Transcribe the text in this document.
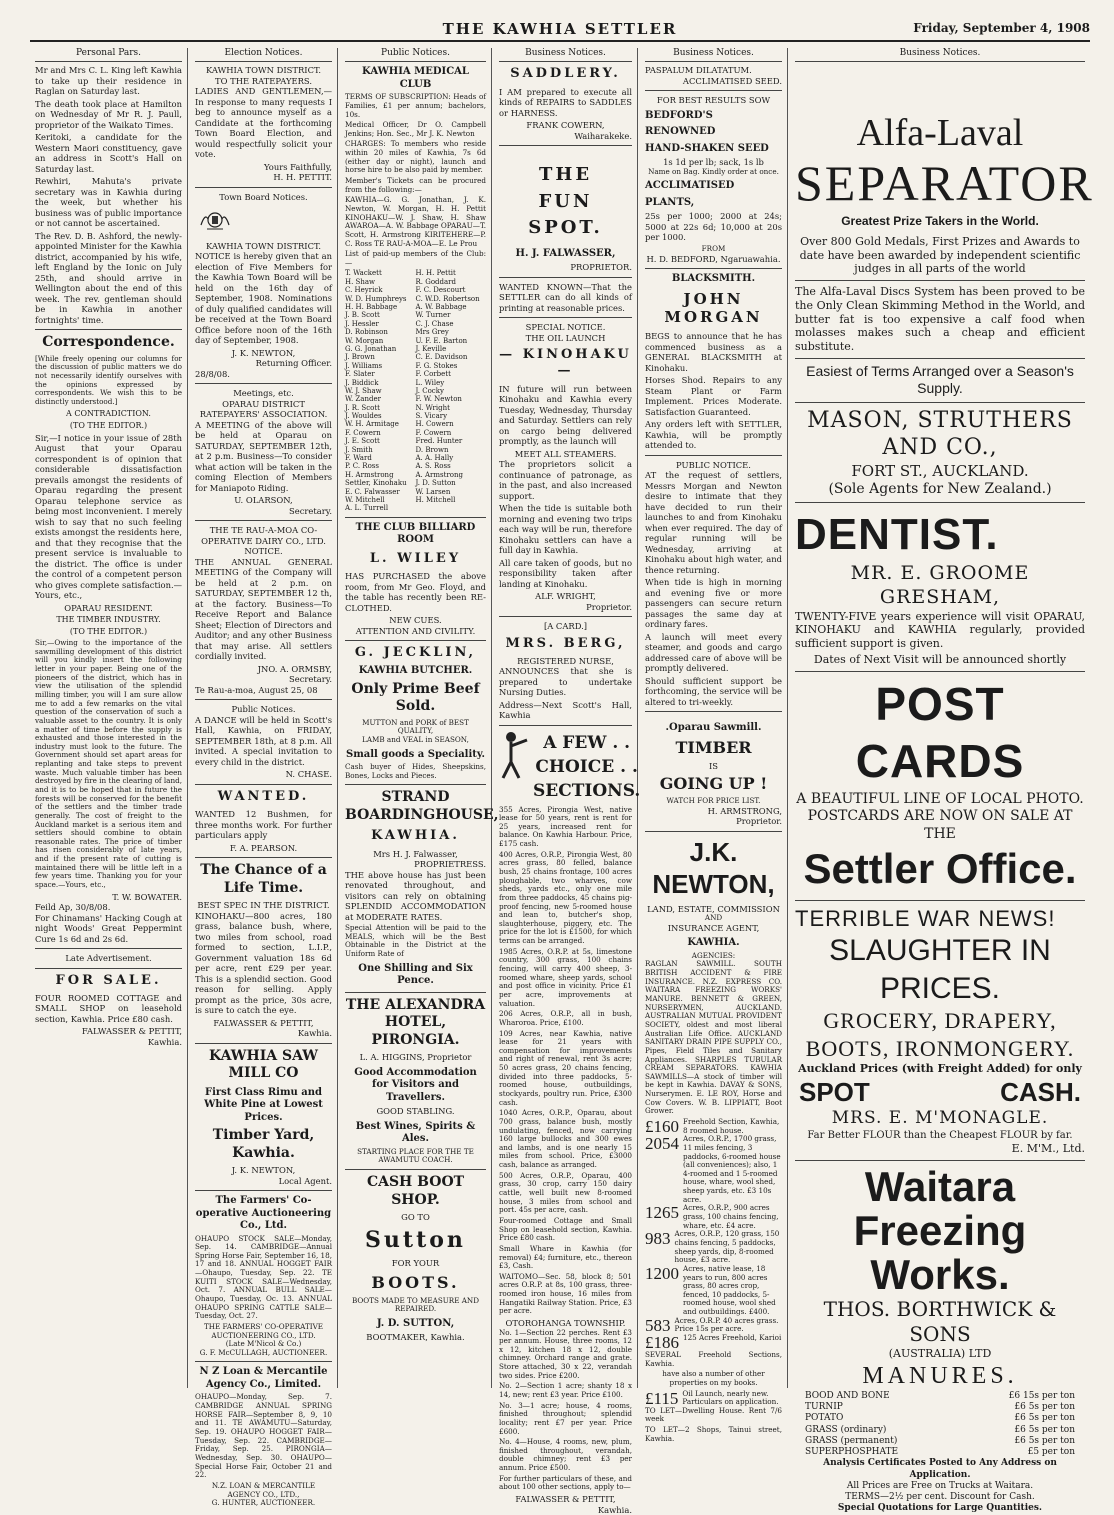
THE KAWHIA SETTLER	Friday, September 4, 1908
Personal Pars.

Mr and Mrs C. L. King left Kawhia to take up their residence in Raglan on Saturday last.

The death took place at Hamilton on Wednesday of Mr R. J. Paull, proprietor of the Waikato Times.

Keritoki, a candidate for the Western Maori constituency, gave an address in Scott's Hall on Saturday last.

Rewhiri, Mahuta's private secretary was in Kawhia during the week, but whether his business was of public importance or not cannot be ascertained.

The Rev. D. B. Ashford, the newly-appointed Minister for the Kawhia district, accompanied by his wife, left England by the Ionic on July 25th, and should arrive in Wellington about the end of this week. The rev. gentleman should be in Kawhia in another fortnights' time.

Correspondence.

[While freely opening our columns for the discussion of public matters we do not necessarily identify ourselves with the opinions expressed by correspondents. We wish this to be distinctly understood.]

A CONTRADICTION.
(TO THE EDITOR.)

Sir,—I notice in your issue of 28th August that your Oparau correspondent is of opinion that considerable dissatisfaction prevails amongst the residents of Oparau regarding the present Oparau telephone service as being most inconvenient. I merely wish to say that no such feeling exists amongst the residents here, and that they recognise that the present service is invaluable to the district. The office is under the control of a competent person who gives complete satisfaction.—Yours, etc.,

OPARAU RESIDENT.
THE TIMBER INDUSTRY.
(TO THE EDITOR.)

Sir,—Owing to the importance of the sawmilling development of this district will you kindly insert the following letter in your paper. Being one of the pioneers of the district, which has in view the utilisation of the splendid milling timber, you will I am sure allow me to add a few remarks on the vital question of the conservation of such a valuable asset to the country. It is only a matter of time before the supply is exhausted and those interested in the industry must look to the future. The Government should set apart areas for replanting and take steps to prevent waste. Much valuable timber has been destroyed by fire in the clearing of land, and it is to be hoped that in future the forests will be conserved for the benefit of the settlers and the timber trade generally. The cost of freight to the Auckland market is a serious item and settlers should combine to obtain reasonable rates. The price of timber has risen considerably of late years, and if the present rate of cutting is maintained there will be little left in a few years time. Thanking you for your space.—Yours, etc.,

T. W. BOWATER.
Feild Ap, 30/8/08.

For Chinamans' Hacking Cough at night Woods' Great Peppermint Cure 1s 6d and 2s 6d.

Late Advertisement.
FOR SALE.

FOUR ROOMED COTTAGE and SMALL SHOP on leasehold section, Kawhia. Price £80 cash.

FALWASSER & PETTIT,
Kawhia.
Election Notices.
KAWHIA TOWN DISTRICT.
TO THE RATEPAYERS.

LADIES AND GENTLEMEN,—In response to many requests I beg to announce myself as a Candidate at the forthcoming Town Board Election, and would respectfully solicit your vote.

Yours Faithfully,
H. H. PETTIT.
Town Board Notices.
KAWHIA TOWN DISTRICT.

NOTICE is hereby given that an election of Five Members for the Kawhia Town Board will be held on the 16th day of September, 1908. Nominations of duly qualified candidates will be received at the Town Board Office before noon of the 16th day of September, 1908.

J. K. NEWTON,
Returning Officer.
28/8/08.
Meetings, etc.
OPARAU DISTRICT RATEPAYERS' ASSOCIATION.

A MEETING of the above will be held at Oparau on SATURDAY, SEPTEMBER 12th, at 2 p.m. Business—To consider what action will be taken in the coming Election of Members for Maniapoto Riding.

U. OLARSON,
Secretary.
THE TE RAU-A-MOA CO-OPERATIVE DAIRY CO., LTD.
NOTICE.

THE ANNUAL GENERAL MEETING of the Company will be held at 2 p.m. on SATURDAY, SEPTEMBER 12 th, at the factory. Business—To Receive Report and Balance Sheet; Election of Directors and Auditor; and any other Business that may arise. All settlers cordially invited.

JNO. A. ORMSBY,
Secretary.
Te Rau-a-moa, August 25, 08
Public Notices.

A DANCE will be held in Scott's Hall, Kawhia, on FRIDAY, SEPTEMBER 18th, at 8 p.m. All invited. A special invitation to every child in the district.

N. CHASE.
WANTED.

WANTED 12 Bushmen, for three months work. For further particulars apply

F. A. PEARSON.
The Chance of a Life Time.
BEST SPEC IN THE DISTRICT.

KINOHAKU—800 acres, 180 grass, balance bush, where, two miles from school, road formed to section, L.I.P., Government valuation 18s 6d per acre, rent £29 per year. This is a splendid section. Good reason for selling. Apply prompt as the price, 30s acre, is sure to catch the eye.

FALWASSER & PETTIT,
Kawhia.
KAWHIA SAW MILL CO
First Class Rimu and White Pine at Lowest Prices.
Timber Yard, Kawhia.
J. K. NEWTON,
Local Agent.
The Farmers' Co-operative Auctioneering Co., Ltd.

OHAUPO STOCK SALE—Monday, Sep. 14. CAMBRIDGE—Annual Spring Horse Fair, September 16, 18, 17 and 18. ANNUAL HOGGET FAIR—Ohaupo, Tuesday, Sep. 22. TE KUITI STOCK SALE—Wednesday, Oct. 7. ANNUAL BULL SALE—Ohaupo, Tuesday, Oc. 13. ANNUAL OHAUPO SPRING CATTLE SALE—Tuesday, Oct. 27.

THE FARMERS' CO-OPERATIVE AUCTIONEERING CO., LTD.
(Late M'Nicol & Co.)
G. F. McCULLAGH, AUCTIONEER.
N Z Loan & Mercantile Agency Co., Limited.

OHAUPO—Monday, Sep. 7. CAMBRIDGE ANNUAL SPRING HORSE FAIR—September 8, 9, 10 and 11. TE AWAMUTU—Saturday, Sep. 19. OHAUPO HOGGET FAIR—Tuesday, Sep. 22. CAMBRIDGE—Friday, Sep. 25. PIRONGIA—Wednesday, Sep. 30. OHAUPO—Special Horse Fair, October 21 and 22.

N.Z. LOAN & MERCANTILE AGENCY CO., LTD.,
G. HUNTER, AUCTIONEER.
Public Notices.
KAWHIA MEDICAL CLUB

TERMS OF SUBSCRIPTION: Heads of Families, £1 per annum; bachelors, 10s.

Medical Officer, Dr O. Campbell Jenkins; Hon. Sec., Mr J. K. Newton

CHARGES: To members who reside within 20 miles of Kawhia, 7s 6d (either day or night), launch and horse hire to be also paid by member.

Member's Tickets can be procured from the following:—

KAWHIA—G. G. Jonathan, J. K. Newton, W. Morgan, H. H. Pettit KINOHAKU—W. J. Shaw, H. Shaw AWAROA—A. W. Babbage OPARAU—T. Scott, H. Armstrong KIRITEHERE—P. C. Ross TE RAU-A-MOA—E. Le Prou

List of paid-up members of the Club:—

T. Wackett
H. Shaw
C. Heyrick
W. D. Humphreys
H. H. Babbage
J. B. Scott
J. Hessler
D. Robinson
W. Morgan
G. G. Jonathan
J. Brown
J. Williams
F. Slater
J. Biddick
W. J. Shaw
W. Zander
J. R. Scott
J. Wouldes
W. H. Armitage
F. Cowern
J. E. Scott
J. Smith
F. Ward
P. C. Ross
H. Armstrong
Settler, Kinohaku
E. C. Falwasser
W. Mitchell
A. L. Turrell
H. H. Pettit
R. Goddard
F. C. Descourt
C. W.D. Robertson
A. W. Babbage
W. Turner
C. J. Chase
Mrs Grey
U. F. E. Barton
J. Keville
C. E. Davidson
F. G. Stokes
F. Corbett
L. Wiley
J. Cocky
F. W. Newton
N. Wright
S. Vicary
H. Cowern
F. Cowern
Fred. Hunter
D. Brown
A. A. Hally
A. S. Ross
A. Armstrong
J. D. Sutton
W. Larsen
H. Mitchell
THE CLUB BILLIARD ROOM
L. WILEY

HAS PURCHASED the above room, from Mr Geo. Floyd, and the table has recently been RE-CLOTHED.

NEW CUES.
ATTENTION AND CIVILITY.
G. JECKLIN,
KAWHIA BUTCHER.
Only Prime Beef Sold.
MUTTON and PORK of BEST QUALITY,
LAMB and VEAL in SEASON,
Small goods a Speciality.

Cash buyer of Hides, Sheepskins, Bones, Locks and Pieces.

STRAND BOARDINGHOUSE,
KAWHIA.
Mrs H. J. Falwasser,
PROPRIETRESS.

THE above house has just been renovated throughout, and visitors can rely on obtaining SPLENDID ACCOMMODATION at MODERATE RATES.

Special Attention will be paid to the MEALS, which will be the Best Obtainable in the District at the Uniform Rate of

One Shilling and Six Pence.
THE ALEXANDRA HOTEL, PIRONGIA.
L. A. HIGGINS, Proprietor
Good Accommodation for Visitors and Travellers.
GOOD STABLING.
Best Wines, Spirits & Ales.
STARTING PLACE FOR THE TE AWAMUTU COACH.
CASH BOOT SHOP.
GO TO
Sutton
FOR YOUR
BOOTS.
BOOTS MADE TO MEASURE AND REPAIRED.
J. D. SUTTON,
BOOTMAKER, Kawhia.
Business Notices.
SADDLERY.

I AM prepared to execute all kinds of REPAIRS to SADDLES or HARNESS.

FRANK COWERN,
Waiharakeke.
THE
FUN
SPOT.
H. J. FALWASSER,
PROPRIETOR.

WANTED KNOWN—That the SETTLER can do all kinds of printing at reasonable prices.

SPECIAL NOTICE.
THE OIL LAUNCH
— KINOHAKU —

IN future will run between Kinohaku and Kawhia every Tuesday, Wednesday, Thursday and Saturday. Settlers can rely on cargo being delivered promptly, as the launch will

MEET ALL STEAMERS.

The proprietors solicit a continuance of patronage, as in the past, and also increased support.

When the tide is suitable both morning and evening two trips each way will be run, therefore Kinohaku settlers can have a full day in Kawhia.

All care taken of goods, but no responsibility taken after landing at Kinohaku.

ALF. WRIGHT,
Proprietor.
[A CARD.]
MRS. BERG,
REGISTERED NURSE,

ANNOUNCES that she is prepared to undertake Nursing Duties.

Address—Next Scott's Hall, Kawhia

A FEW . .
CHOICE . .
SECTIONS.

355 Acres, Pirongia West, native lease for 50 years, rent is rent for 25 years, increased rent for balance. On Kawhia Harbour. Price, £175 cash.

400 Acres, O.R.P., Pirongia West, 80 acres grass, 80 felled, balance bush, 25 chains frontage, 100 acres ploughable, two wharves, cow sheds, yards etc., only one mile from three paddocks, 45 chains pig-proof fencing, new 5-roomed house and lean to, butcher's shop, slaughterhouse, piggery, etc. The price for the lot is £1500, for which terms can be arranged.

1985 Acres, O.R.P. at 5s, limestone country, 300 grass, 100 chains fencing, will carry 400 sheep, 3-roomed whare, sheep yards, school and post office in vicinity. Price £1 per acre, improvements at valuation.

206 Acres, O.R.P., all in bush, Wharoroa. Price, £100.

109 Acres, near Kawhia, native lease for 21 years with compensation for improvements and right of renewal, rent 3s acre; 50 acres grass, 20 chains fencing, divided into three paddocks, 5-roomed house, outbuildings, stockyards, poultry run. Price, £300 cash.

1040 Acres, O.R.P., Oparau, about 700 grass, balance bush, mostly undulating, fenced, now carrying 160 large bullocks and 300 ewes and lambs, and is one nearly 15 miles from school. Price, £3000 cash, balance as arranged.

500 Acres, O.R.P., Oparau, 400 grass, 30 crop, carry 150 dairy cattle, well built new 8-roomed house, 3 miles from school and port. 45s per acre, cash.

Four-roomed Cottage and Small Shop on leasehold section, Kawhia. Price £80 cash.

Small Whare in Kawhia (for removal) £4; furniture, etc., thereon £3, Cash.

WAITOMO—Sec. 58, block 8; 501 acres O.R.P. at 8s, 100 grass, three-roomed iron house, 16 miles from Hangatiki Railway Station. Price, £3 per acre.

OTOROHANGA TOWNSHIP.

No. 1—Section 22 perches. Rent £3 per annum. House, three rooms, 12 x 12, kitchen 18 x 12, double chimney. Orchard range and grate. Store attached, 30 x 22, verandah two sides. Price £200.

No. 2—Section 1 acre; shanty 18 x 14, new; rent £3 year. Price £100.

No. 3—1 acre; house, 4 rooms, finished throughout; splendid locality; rent £7 per year. Price £600.

No. 4—House, 4 rooms, new, plum, finished throughout, verandah, double chimney; rent £3 per annum. Price £500.

For further particulars of these, and about 100 other sections, apply to—

FALWASSER & PETTIT,
Kawhia.
Business Notices.
PASPALUM DILATATUM.
ACCLIMATISED SEED.
FOR BEST RESULTS SOW
BEDFORD'S
RENOWNED
HAND-SHAKEN SEED
1s 1d per lb; sack, 1s lb
Name on Bag. Kindly order at once.
ACCLIMATISED
PLANTS,

25s per 1000; 2000 at 24s; 5000 at 22s 6d; 10,000 at 20s per 1000.

FROM
H. D. BEDFORD, Ngaruawahia.
BLACKSMITH.
JOHN MORGAN

BEGS to announce that he has commenced business as a GENERAL BLACKSMITH at Kinohaku.

Horses Shod. Repairs to any Steam Plant or Farm Implement. Prices Moderate. Satisfaction Guaranteed.

Any orders left with SETTLER, Kawhia, will be promptly attended to.

PUBLIC NOTICE.

AT the request of settlers, Messrs Morgan and Newton desire to intimate that they have decided to run their launches to and from Kinohaku when ever required. The day of regular running will be Wednesday, arriving at Kinohaku about high water, and thence returning.

When tide is high in morning and evening five or more passengers can secure return passages the same day at ordinary fares.

A launch will meet every steamer, and goods and cargo addressed care of above will be promptly delivered.

Should sufficient support be forthcoming, the service will be altered to tri-weekly.

.Oparau Sawmill.
TIMBER
IS
GOING UP !
WATCH FOR PRICE LIST.
H. ARMSTRONG,
Proprietor.
J.K. NEWTON,
LAND, ESTATE, COMMISSION
AND
INSURANCE AGENT,
KAWHIA.
AGENCIES:

RAGLAN SAWMILL. SOUTH BRITISH ACCIDENT & FIRE INSURANCE. N.Z. EXPRESS CO. WAITARA FREEZING WORKS' MANURE. BENNETT & GREEN, NURSERYMEN, AUCKLAND. AUSTRALIAN MUTUAL PROVIDENT SOCIETY, oldest and most liberal Australian Life Office. AUCKLAND SANITARY DRAIN PIPE SUPPLY CO., Pipes, Field Tiles and Sanitary Appliances. SHARPLES TUBULAR CREAM SEPARATORS. KAWHIA SAWMILLS—A stock of timber will be kept in Kawhia. DAVAY & SONS, Nurserymen. E. LE ROY, Horse and Cow Covers. W. B. LIPPIATT, Boot Grower.

£160 Freehold Section, Kawhia, 8 roomed house.
2054 Acres, O.R.P., 1700 grass, 11 miles fencing, 3 paddocks, 6-roomed house (all conveniences); also, 1 4-roomed and 1 5-roomed house, whare, wool shed, sheep yards, etc. £3 10s acre.
1265 Acres, O.R.P., 900 acres grass, 100 chains fencing, whare, etc. £4 acre.
983 Acres, O.R.P., 120 grass, 150 chains fencing, 5 paddocks, sheep yards, dip, 8-roomed house, £3 acre.
1200 Acres, native lease, 18 years to run, 800 acres grass, 80 acres crop, fenced, 10 paddocks, 5-roomed house, wool shed and outbuildings. £400.
583 Acres, O.R.P. 40 acres grass. Price 15s per acre.
£186 125 Acres Freehold, Karioi

SEVERAL Freehold Sections, Kawhia.

have also a number of other properties on my books.

£115 Oil Launch, nearly new. Particulars on application.

TO LET—Dwelling House. Rent 7/6 week

TO LET—2 Shops, Tainui street, Kawhia.

Business Notices.
Alfa-Laval
SEPARATOR
Greatest Prize Takers in the World.

Over 800 Gold Medals, First Prizes and Awards to date have been awarded by independent scientific judges in all parts of the world

The Alfa-Laval Discs System has been proved to be the Only Clean Skimming Method in the World, and butter fat is too expensive a calf food when molasses makes such a cheap and efficient substitute.

Easiest of Terms Arranged over a Season's Supply.
MASON, STRUTHERS AND CO.,
FORT ST., AUCKLAND.
(Sole Agents for New Zealand.)
DENTIST.
MR. E. GROOME GRESHAM,

TWENTY-FIVE years experience will visit OPARAU, KINOHAKU and KAWHIA regularly, provided sufficient support is given.

Dates of Next Visit will be announced shortly
POST CARDS
A BEAUTIFUL LINE OF LOCAL PHOTO.
POSTCARDS ARE NOW ON SALE AT THE
Settler Office.
TERRIBLE WAR NEWS!
SLAUGHTER IN PRICES.
GROCERY, DRAPERY,
BOOTS, IRONMONGERY.
Auckland Prices (with Freight Added) for only
SPOT	CASH.
MRS. E. M'MONAGLE.
Far Better FLOUR than the Cheapest FLOUR by far.
E. M'M., Ltd.
Waitara Freezing
Works.
THOS. BORTHWICK & SONS
(AUSTRALIA) LTD
MANURES.
BOOD AND BONE	£6 15s per ton
TURNIP	£6 5s per ton
POTATO	£6 5s per ton
GRASS (ordinary)	£6 5s per ton
GRASS (permanent)	£6 5s per ton
SUPERPHOSPHATE	£5 per ton
Analysis Certificates Posted to Any Address on Application.
All Prices are Free on Trucks at Waitara.
TERMS—2½ per cent. Discount for Cash.
Special Quotations for Large Quantities.
